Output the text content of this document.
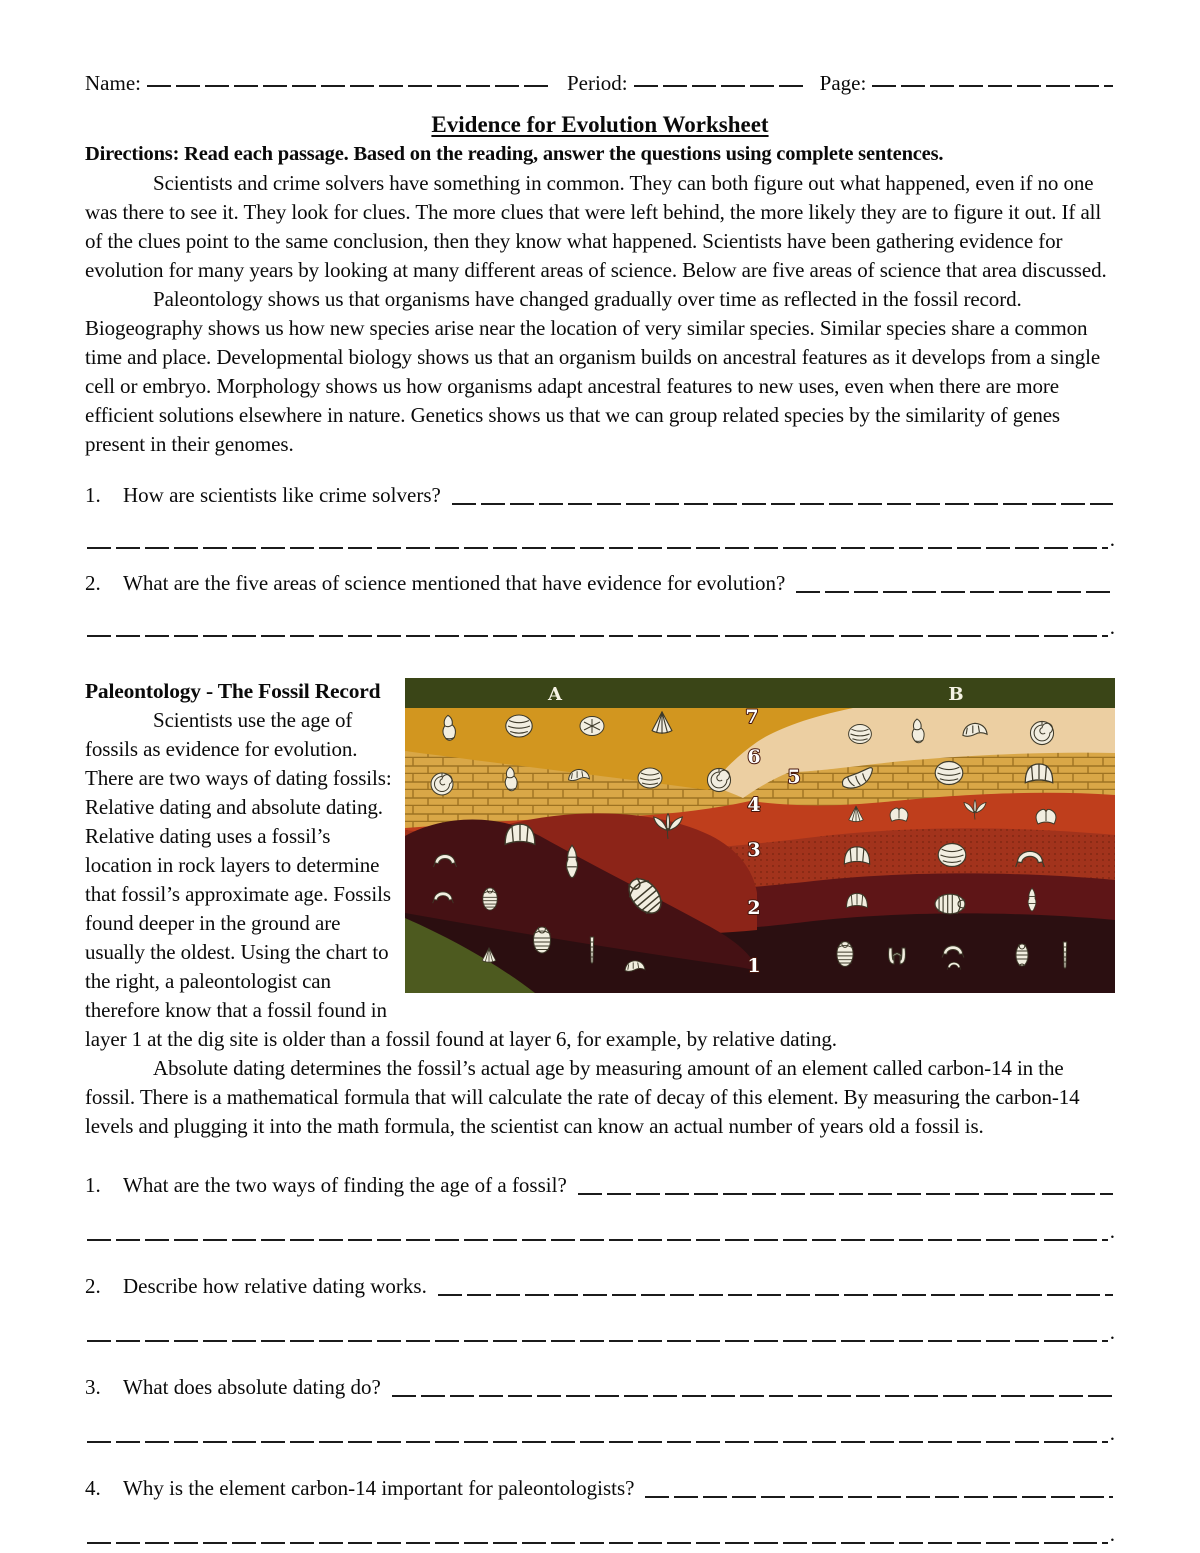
Name:	Period:	Page:
Evidence for Evolution Worksheet

Directions: Read each passage. Based on the reading, answer the questions using complete sentences.

Scientists and crime solvers have something in common. They can both figure out what happened, even if no one was there to see it. They look for clues. The more clues that were left behind, the more likely they are to figure it out. If all of the clues point to the same conclusion, then they know what happened. Scientists have been gathering evidence for evolution for many years by looking at many different areas of science. Below are five areas of science that area discussed.

Paleontology shows us that organisms have changed gradually over time as reflected in the fossil record. Biogeography shows us how new species arise near the location of very similar species. Similar species share a common time and place. Developmental biology shows us that an organism builds on ancestral features as it develops from a single cell or embryo. Morphology shows us how organisms adapt ancestral features to new uses, even when there are more efficient solutions elsewhere in nature. Genetics shows us that we can group related species by the similarity of genes present in their genomes.

1.	How are scientists like crime solvers?
.
2.	What are the five areas of science mentioned that have evidence for evolution?
.
A	B
7
6
5
4
3
2
1
Paleontology - The Fossil Record

Scientists use the age of fossils as evidence for evolution. There are two ways of dating fossils: Relative dating and absolute dating. Relative dating uses a fossil’s location in rock layers to determine that fossil’s approximate age. Fossils found deeper in the ground are usually the oldest. Using the chart to the right, a paleontologist can therefore know that a fossil found in layer 1 at the dig site is older than a fossil found at layer 6, for example, by relative dating.

Absolute dating determines the fossil’s actual age by measuring amount of an element called carbon-14 in the fossil. There is a mathematical formula that will calculate the rate of decay of this element. By measuring the carbon-14 levels and plugging it into the math formula, the scientist can know an actual number of years old a fossil is.

1.	What are the two ways of finding the age of a fossil?
.
2.	Describe how relative dating works.
.
3.	What does absolute dating do?
.
4.	Why is the element carbon-14 important for paleontologists?
.
